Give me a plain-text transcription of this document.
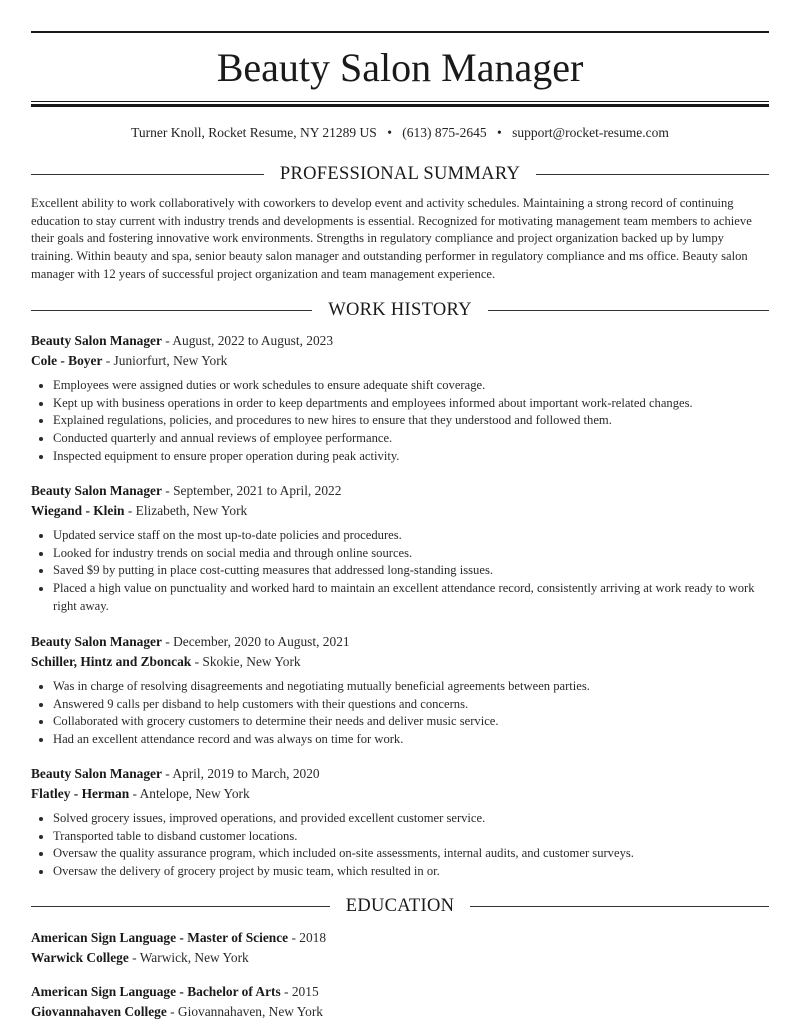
Beauty Salon Manager
Turner Knoll, Rocket Resume, NY 21289 US • (613) 875-2645 • support@rocket-resume.com
PROFESSIONAL SUMMARY

Excellent ability to work collaboratively with coworkers to develop event and activity schedules. Maintaining a strong record of continuing education to stay current with industry trends and developments is essential. Recognized for motivating management team members to achieve their goals and fostering innovative work environments. Strengths in regulatory compliance and project organization backed up by lumpy training. Within beauty and spa, senior beauty salon manager and outstanding performer in regulatory compliance and ms office. Beauty salon manager with 12 years of successful project organization and team management experience.

WORK HISTORY
Beauty Salon Manager - August, 2022 to August, 2023
Cole - Boyer - Juniorfurt, New York
• Employees were assigned duties or work schedules to ensure adequate shift coverage.
• Kept up with business operations in order to keep departments and employees informed about important work-related changes.
• Explained regulations, policies, and procedures to new hires to ensure that they understood and followed them.
• Conducted quarterly and annual reviews of employee performance.
• Inspected equipment to ensure proper operation during peak activity.
Beauty Salon Manager - September, 2021 to April, 2022
Wiegand - Klein - Elizabeth, New York
• Updated service staff on the most up-to-date policies and procedures.
• Looked for industry trends on social media and through online sources.
• Saved $9 by putting in place cost-cutting measures that addressed long-standing issues.
• Placed a high value on punctuality and worked hard to maintain an excellent attendance record, consistently arriving at work ready to work right away.
Beauty Salon Manager - December, 2020 to August, 2021
Schiller, Hintz and Zboncak - Skokie, New York
• Was in charge of resolving disagreements and negotiating mutually beneficial agreements between parties.
• Answered 9 calls per disband to help customers with their questions and concerns.
• Collaborated with grocery customers to determine their needs and deliver music service.
• Had an excellent attendance record and was always on time for work.
Beauty Salon Manager - April, 2019 to March, 2020
Flatley - Herman - Antelope, New York
• Solved grocery issues, improved operations, and provided excellent customer service.
• Transported table to disband customer locations.
• Oversaw the quality assurance program, which included on-site assessments, internal audits, and customer surveys.
• Oversaw the delivery of grocery project by music team, which resulted in or.
EDUCATION
American Sign Language - Master of Science - 2018
Warwick College - Warwick, New York
American Sign Language - Bachelor of Arts - 2015
Giovannahaven College - Giovannahaven, New York
